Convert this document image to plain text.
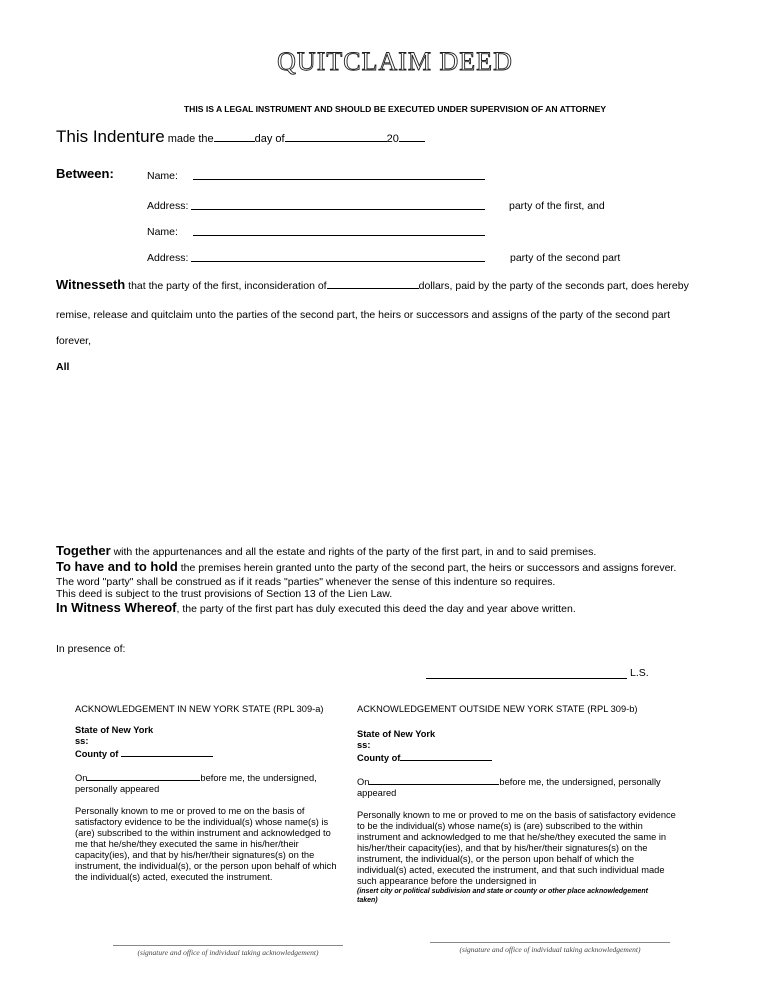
QUITCLAIM DEED
THIS IS A LEGAL INSTRUMENT AND SHOULD BE EXECUTED UNDER SUPERVISION OF AN ATTORNEY
This Indenture made the	day of	20
Between:	Name:
Address:	party of the first, and
Name:
Address:	party of the second part
Witnesseth that the party of the first, inconsideration of	dollars, paid by the party of the seconds part, does hereby
remise, release and quitclaim unto the parties of the second part, the heirs or successors and assigns of the party of the second part
forever,
All
Together with the appurtenances and all the estate and rights of the party of the first part, in and to said premises.
To have and to hold the premises herein granted unto the party of the second part, the heirs or successors and assigns forever.
The word "party" shall be construed as if it reads "parties" whenever the sense of this indenture so requires.
This deed is subject to the trust provisions of Section 13 of the Lien Law.
In Witness Whereof, the party of the first part has duly executed this deed the day and year above written.
In presence of:
L.S.
ACKNOWLEDGEMENT IN NEW YORK STATE (RPL 309-a)
State of New York
ss:
County of
On	before me, the undersigned, personally appeared
Personally known to me or proved to me on the basis of satisfactory evidence to be the individual(s) whose name(s) is (are) subscribed to the within instrument and acknowledged to me that he/she/they executed the same in his/her/their capacity(ies), and that by his/her/their signatures(s) on the instrument, the individual(s), or the person upon behalf of which the individual(s) acted, executed the instrument.
(signature and office of individual taking acknowledgement)
ACKNOWLEDGEMENT OUTSIDE NEW YORK STATE (RPL 309-b)
State of New York
ss:
County of
On	before me, the undersigned, personally appeared
Personally known to me or proved to me on the basis of satisfactory evidence to be the individual(s) whose name(s) is (are) subscribed to the within instrument and acknowledged to me that he/she/they executed the same in his/her/their capacity(ies), and that by his/her/their signatures(s) on the instrument, the individual(s), or the person upon behalf of which the individual(s) acted, executed the instrument, and that such individual made such appearance before the undersigned in
(insert city or political subdivision and state or county or other place acknowledgement taken)
(signature and office of individual taking acknowledgement)
